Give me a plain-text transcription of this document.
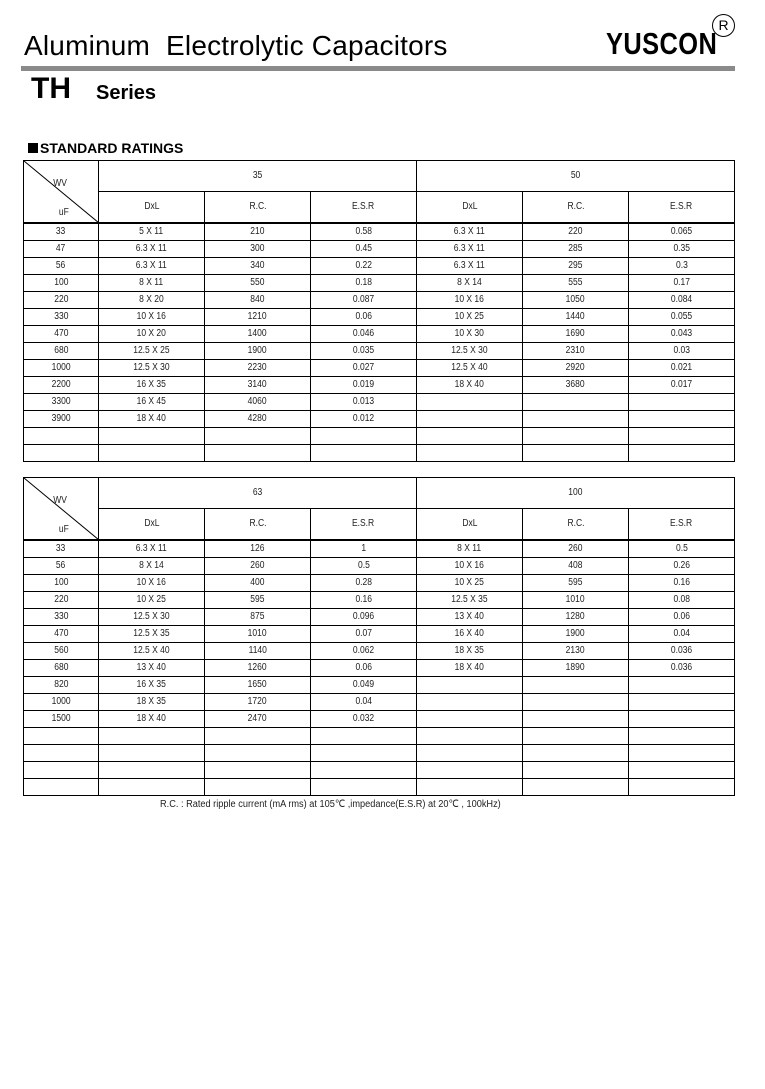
Aluminum  Electrolytic Capacitors	YUSCON
R
TH Series
STANDARD RATINGS
WV
uF	35			50		
	DxL	R.C.	E.S.R	DxL	R.C.	E.S.R
33	5 X 11	210	0.58	6.3 X 11	220	0.065
47	6.3 X 11	300	0.45	6.3 X 11	285	0.35
56	6.3 X 11	340	0.22	6.3 X 11	295	0.3
100	8 X 11	550	0.18	8 X 14	555	0.17
220	8 X 20	840	0.087	10 X 16	1050	0.084
330	10 X 16	1210	0.06	10 X 25	1440	0.055
470	10 X 20	1400	0.046	10 X 30	1690	0.043
680	12.5 X 25	1900	0.035	12.5 X 30	2310	0.03
1000	12.5 X 30	2230	0.027	12.5 X 40	2920	0.021
2200	16 X 35	3140	0.019	18 X 40	3680	0.017
3300	16 X 45	4060	0.013			
3900	18 X 40	4280	0.012			

WV
uF	63			100		
	DxL	R.C.	E.S.R	DxL	R.C.	E.S.R
33	6.3 X 11	126	1	8 X 11	260	0.5
56	8 X 14	260	0.5	10 X 16	408	0.26
100	10 X 16	400	0.28	10 X 25	595	0.16
220	10 X 25	595	0.16	12.5 X 35	1010	0.08
330	12.5 X 30	875	0.096	13 X 40	1280	0.06
470	12.5 X 35	1010	0.07	16 X 40	1900	0.04
560	12.5 X 40	1140	0.062	18 X 35	2130	0.036
680	13 X 40	1260	0.06	18 X 40	1890	0.036
820	16 X 35	1650	0.049			
1000	18 X 35	1720	0.04			
1500	18 X 40	2470	0.032			

R.C. : Rated ripple current (mA rms) at 105℃ ,impedance(E.S.R) at 20℃ , 100kHz)
